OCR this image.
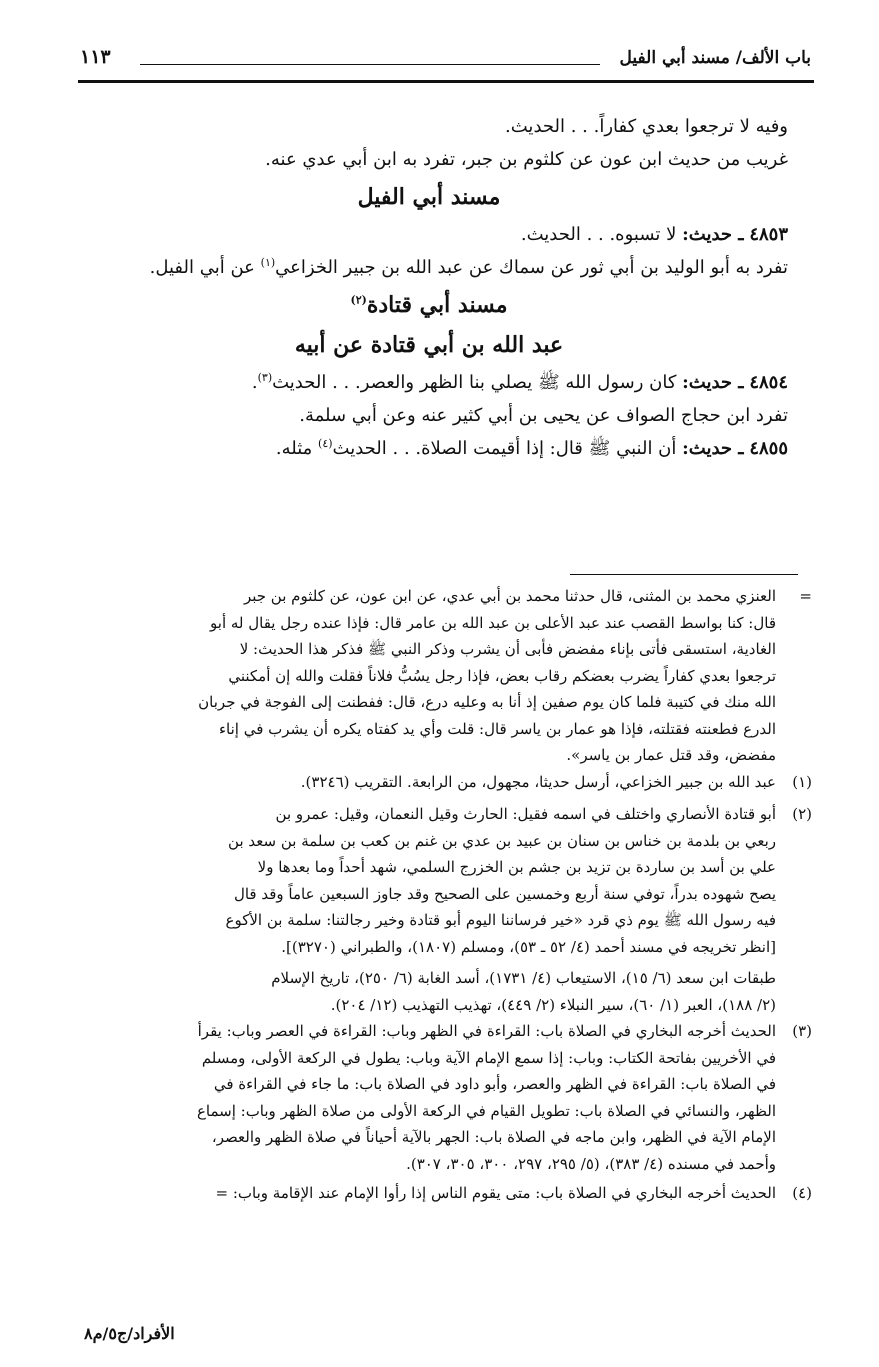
باب الألف/ مسند أبي الفيل
١١٣

وفيه لا ترجعوا بعدي كفاراً. . . الحديث.

غريب من حديث ابن عون عن كلثوم بن جبر، تفرد به ابن أبي عدي عنه.

مسند أبي الفيل

٤٨٥٣ ـ حديث: لا تسبوه. . . الحديث.

تفرد به أبو الوليد بن أبي ثور عن سماك عن عبد الله بن جبير الخزاعي$^{(١)}$ عن أبي الفيل.

مسند أبي قتادة$^{(٢)}$
عبد الله بن أبي قتادة عن أبيه

٤٨٥٤ ـ حديث: كان رسول الله ﷺ يصلي بنا الظهر والعصر. . . الحديث$^{(٣)}$.

تفرد ابن حجاج الصواف عن يحيى بن أبي كثير عنه وعن أبي سلمة.

٤٨٥٥ ـ حديث: أن النبي ﷺ قال: إذا أقيمت الصلاة. . . الحديث$^{(٤)}$ مثله.

=
العنزي محمد بن المثنى، قال حدثنا محمد بن أبي عدي، عن ابن عون، عن كلثوم بن جبر
قال: كنا بواسط القصب عند عبد الأعلى بن عبد الله بن عامر قال: فإذا عنده رجل يقال له أبو
الغادية، استسقى فأتى بإناء مفضض فأبى أن يشرب وذكر النبي ﷺ فذكر هذا الحديث: لا
ترجعوا بعدي كفاراً يضرب بعضكم رقاب بعض، فإذا رجل يسُبُّ فلاناً فقلت والله إن أمكنني
الله منك في كتيبة فلما كان يوم صفين إذ أنا به وعليه درع، قال: ففطنت إلى الفوجة في جربان
الدرع فطعنته فقتلته، فإذا هو عمار بن ياسر قال: قلت وأي يد كفتاه يكره أن يشرب في إناء
مفضض، وقد قتل عمار بن ياسر».
(١)
عبد الله بن جبير الخزاعي، أرسل حديثا، مجهول، من الرابعة. التقريب (٣٢٤٦).
(٢)
أبو قتادة الأنصاري واختلف في اسمه فقيل: الحارث وقيل النعمان، وقيل: عمرو بن
ربعي بن بلدمة بن خناس بن سنان بن عبيد بن عدي بن غنم بن كعب بن سلمة بن سعد بن
علي بن أسد بن ساردة بن تزيد بن جشم بن الخزرج السلمي، شهد أحداً وما بعدها ولا
يصح شهوده بدراً، توفي سنة أربع وخمسين على الصحيح وقد جاوز السبعين عاماً وقد قال
فيه رسول الله ﷺ يوم ذي قرد «خير فرساننا اليوم أبو قتادة وخير رجالتنا: سلمة بن الأكوع
[انظر تخريجه في مسند أحمد (٤/ ٥٢ ـ ٥٣)، ومسلم (١٨٠٧)، والطبراني (٣٢٧٠)].
طبقات ابن سعد (٦/ ١٥)، الاستيعاب (٤/ ١٧٣١)، أسد الغابة (٦/ ٢٥٠)، تاريخ الإسلام
(٢/ ١٨٨)، العبر (١/ ٦٠)، سير النبلاء (٢/ ٤٤٩)، تهذيب التهذيب (١٢/ ٢٠٤).
(٣)
الحديث أخرجه البخاري في الصلاة باب: القراءة في الظهر وباب: القراءة في العصر وباب: يقرأ
في الأخريين بفاتحة الكتاب: وباب: إذا سمع الإمام الآية وباب: يطول في الركعة الأولى، ومسلم
في الصلاة باب: القراءة في الظهر والعصر، وأبو داود في الصلاة باب: ما جاء في القراءة في
الظهر، والنسائي في الصلاة باب: تطويل القيام في الركعة الأولى من صلاة الظهر وباب: إسماع
الإمام الآية في الظهر، وابن ماجه في الصلاة باب: الجهر بالآية أحياناً في صلاة الظهر والعصر،
وأحمد في مسنده (٤/ ٣٨٣)، (٥/ ٢٩٥، ٢٩٧، ٣٠٠، ٣٠٥، ٣٠٧).
(٤)
الحديث أخرجه البخاري في الصلاة باب: متى يقوم الناس إذا رأوا الإمام عند الإقامة وباب: =
الأفراد/ج٥/م٨
